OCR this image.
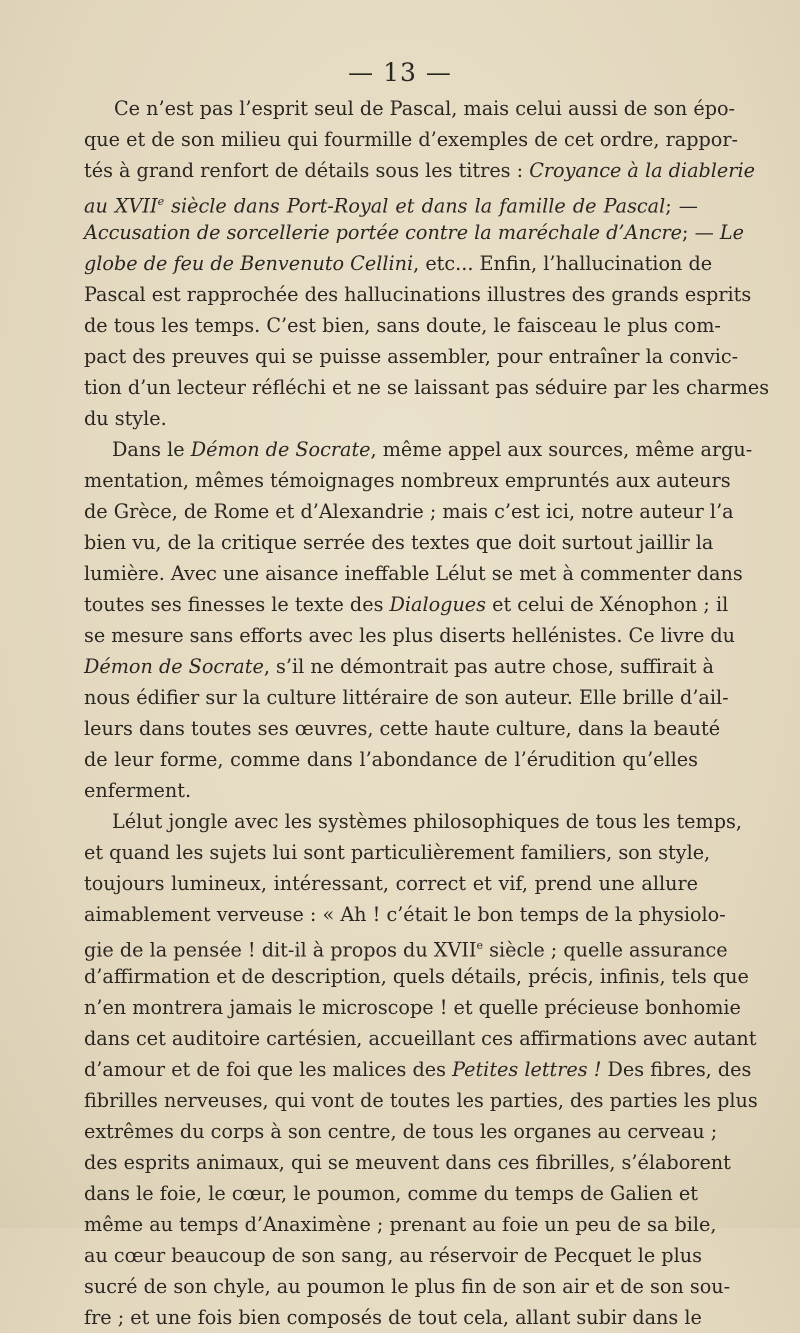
— 13 —
Ce n’est pas l’esprit seul de Pascal, mais celui aussi de son épo-
que et de son milieu qui fourmille d’exemples de cet ordre, rappor-
tés à grand renfort de détails sous les titres : Croyance à la diablerie
au XVIIe siècle dans Port-Royal et dans la famille de Pascal; —
Accusation de sorcellerie portée contre la maréchale d’Ancre; — Le
globe de feu de Benvenuto Cellini, etc... Enfin, l’hallucination de
Pascal est rapprochée des hallucinations illustres des grands esprits
de tous les temps. C’est bien, sans doute, le faisceau le plus com-
pact des preuves qui se puisse assembler, pour entraîner la convic-
tion d’un lecteur réfléchi et ne se laissant pas séduire par les charmes
du style.
Dans le Démon de Socrate, même appel aux sources, même argu-
mentation, mêmes témoignages nombreux empruntés aux auteurs
de Grèce, de Rome et d’Alexandrie ; mais c’est ici, notre auteur l’a
bien vu, de la critique serrée des textes que doit surtout jaillir la
lumière. Avec une aisance ineffable Lélut se met à commenter dans
toutes ses finesses le texte des Dialogues et celui de Xénophon ; il
se mesure sans efforts avec les plus diserts hellénistes. Ce livre du
Démon de Socrate, s’il ne démontrait pas autre chose, suffirait à
nous édifier sur la culture littéraire de son auteur. Elle brille d’ail-
leurs dans toutes ses œuvres, cette haute culture, dans la beauté
de leur forme, comme dans l’abondance de l’érudition qu’elles
enferment.
Lélut jongle avec les systèmes philosophiques de tous les temps,
et quand les sujets lui sont particulièrement familiers, son style,
toujours lumineux, intéressant, correct et vif, prend une allure
aimablement verveuse : « Ah ! c’était le bon temps de la physiolo-
gie de la pensée ! dit-il à propos du XVIIe siècle ; quelle assurance
d’affirmation et de description, quels détails, précis, infinis, tels que
n’en montrera jamais le microscope ! et quelle précieuse bonhomie
dans cet auditoire cartésien, accueillant ces affirmations avec autant
d’amour et de foi que les malices des Petites lettres ! Des fibres, des
fibrilles nerveuses, qui vont de toutes les parties, des parties les plus
extrêmes du corps à son centre, de tous les organes au cerveau ;
des esprits animaux, qui se meuvent dans ces fibrilles, s’élaborent
dans le foie, le cœur, le poumon, comme du temps de Galien et
même au temps d’Anaximène ; prenant au foie un peu de sa bile,
au cœur beaucoup de son sang, au réservoir de Pecquet le plus
sucré de son chyle, au poumon le plus fin de son air et de son sou-
fre ; et une fois bien composés de tout cela, allant subir dans le
